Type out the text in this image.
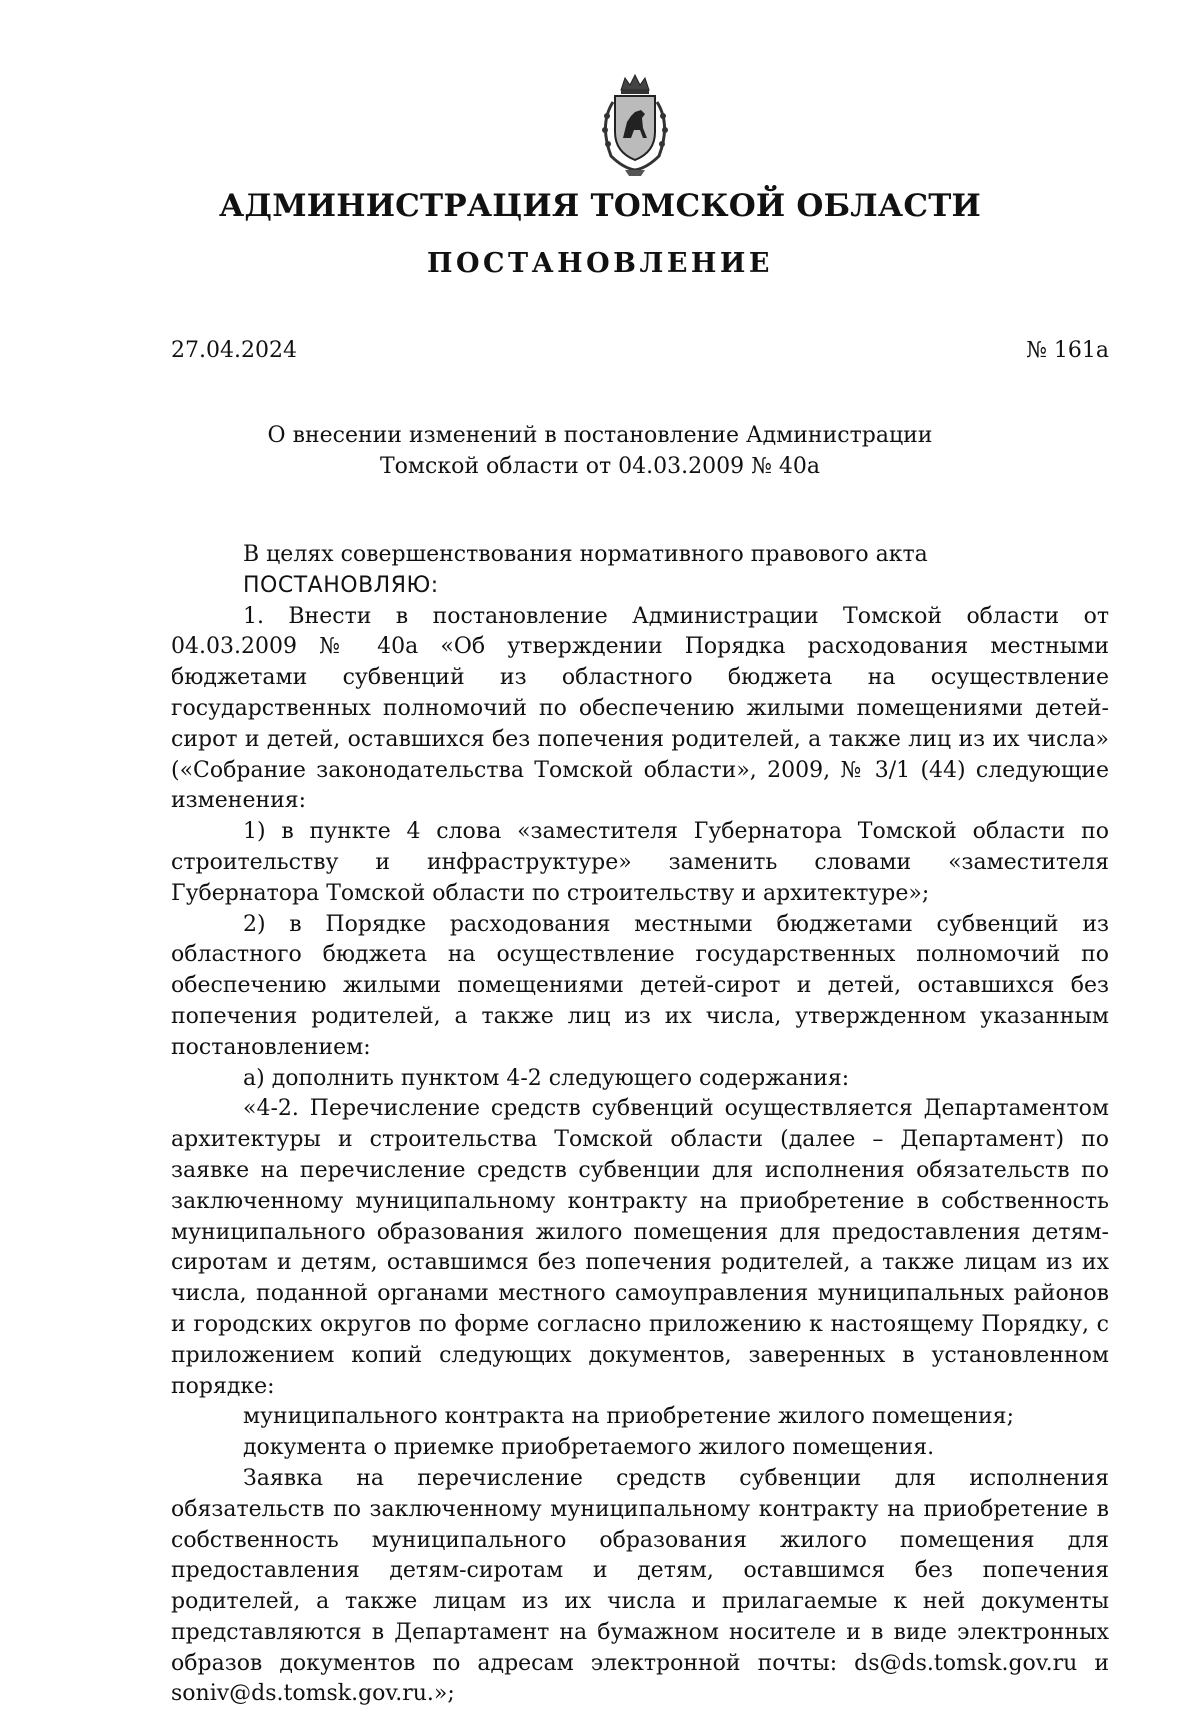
АДМИНИСТРАЦИЯ ТОМСКОЙ ОБЛАСТИ
ПОСТАНОВЛЕНИЕ
27.04.2024	№ 161а
О внесении изменений в постановление Администрации
Томской области от 04.03.2009 № 40а

В целях совершенствования нормативного правового акта

ПОСТАНОВЛЯЮ:

1. Внести в постановление Администрации Томской области от 04.03.2009 № 40а «Об утверждении Порядка расходования местными бюджетами субвенций из областного бюджета на осуществление государственных полномочий по обеспечению жилыми помещениями детей-сирот и детей, оставшихся без попечения родителей, а также лиц из их числа» («Собрание законодательства Томской области», 2009, № 3/1 (44) следующие изменения:

1) в пункте 4 слова «заместителя Губернатора Томской области по строительству и инфраструктуре» заменить словами «заместителя Губернатора Томской области по строительству и архитектуре»;

2) в Порядке расходования местными бюджетами субвенций из областного бюджета на осуществление государственных полномочий по обеспечению жилыми помещениями детей-сирот и детей, оставшихся без попечения родителей, а также лиц из их числа, утвержденном указанным постановлением:

а) дополнить пунктом 4-2 следующего содержания:

«4-2. Перечисление средств субвенций осуществляется Департаментом архитектуры и строительства Томской области (далее – Департамент) по заявке на перечисление средств субвенции для исполнения обязательств по заключенному муниципальному контракту на приобретение в собственность муниципального образования жилого помещения для предоставления детям-сиротам и детям, оставшимся без попечения родителей, а также лицам из их числа, поданной органами местного самоуправления муниципальных районов и городских округов по форме согласно приложению к настоящему Порядку, с приложением копий следующих документов, заверенных в установленном порядке:

муниципального контракта на приобретение жилого помещения;

документа о приемке приобретаемого жилого помещения.

Заявка на перечисление средств субвенции для исполнения обязательств по заключенному муниципальному контракту на приобретение в собственность муниципального образования жилого помещения для предоставления детям-сиротам и детям, оставшимся без попечения родителей, а также лицам из их числа и прилагаемые к ней документы представляются в Департамент на бумажном носителе и в виде электронных образов документов по адресам электронной почты: ds@ds.tomsk.gov.ru и soniv@ds.tomsk.gov.ru.»;
